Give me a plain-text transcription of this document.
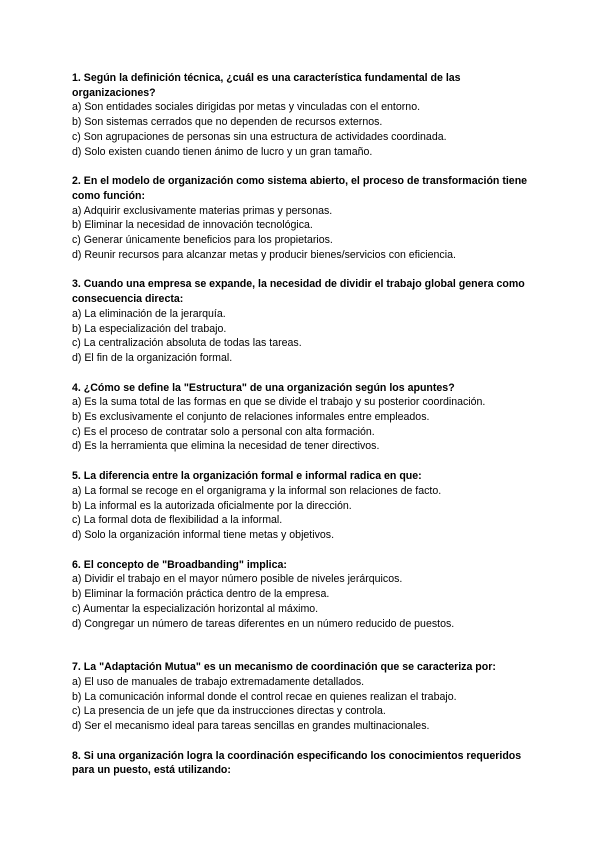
1. Según la definición técnica, ¿cuál es una característica fundamental de las organizaciones?

a) Son entidades sociales dirigidas por metas y vinculadas con el entorno.
b) Son sistemas cerrados que no dependen de recursos externos.
c) Son agrupaciones de personas sin una estructura de actividades coordinada.
d) Solo existen cuando tienen ánimo de lucro y un gran tamaño.

2. En el modelo de organización como sistema abierto, el proceso de transformación tiene como función:

a) Adquirir exclusivamente materias primas y personas.
b) Eliminar la necesidad de innovación tecnológica.
c) Generar únicamente beneficios para los propietarios.
d) Reunir recursos para alcanzar metas y producir bienes/servicios con eficiencia.

3. Cuando una empresa se expande, la necesidad de dividir el trabajo global genera como consecuencia directa:

a) La eliminación de la jerarquía.
b) La especialización del trabajo.
c) La centralización absoluta de todas las tareas.
d) El fin de la organización formal.

4. ¿Cómo se define la "Estructura" de una organización según los apuntes?

a) Es la suma total de las formas en que se divide el trabajo y su posterior coordinación.
b) Es exclusivamente el conjunto de relaciones informales entre empleados.
c) Es el proceso de contratar solo a personal con alta formación.
d) Es la herramienta que elimina la necesidad de tener directivos.

5. La diferencia entre la organización formal e informal radica en que:

a) La formal se recoge en el organigrama y la informal son relaciones de facto.
b) La informal es la autorizada oficialmente por la dirección.
c) La formal dota de flexibilidad a la informal.
d) Solo la organización informal tiene metas y objetivos.

6. El concepto de "Broadbanding" implica:

a) Dividir el trabajo en el mayor número posible de niveles jerárquicos.
b) Eliminar la formación práctica dentro de la empresa.
c) Aumentar la especialización horizontal al máximo.
d) Congregar un número de tareas diferentes en un número reducido de puestos.

7. La "Adaptación Mutua" es un mecanismo de coordinación que se caracteriza por:

a) El uso de manuales de trabajo extremadamente detallados.
b) La comunicación informal donde el control recae en quienes realizan el trabajo.
c) La presencia de un jefe que da instrucciones directas y controla.
d) Ser el mecanismo ideal para tareas sencillas en grandes multinacionales.

8. Si una organización logra la coordinación especificando los conocimientos requeridos para un puesto, está utilizando:
